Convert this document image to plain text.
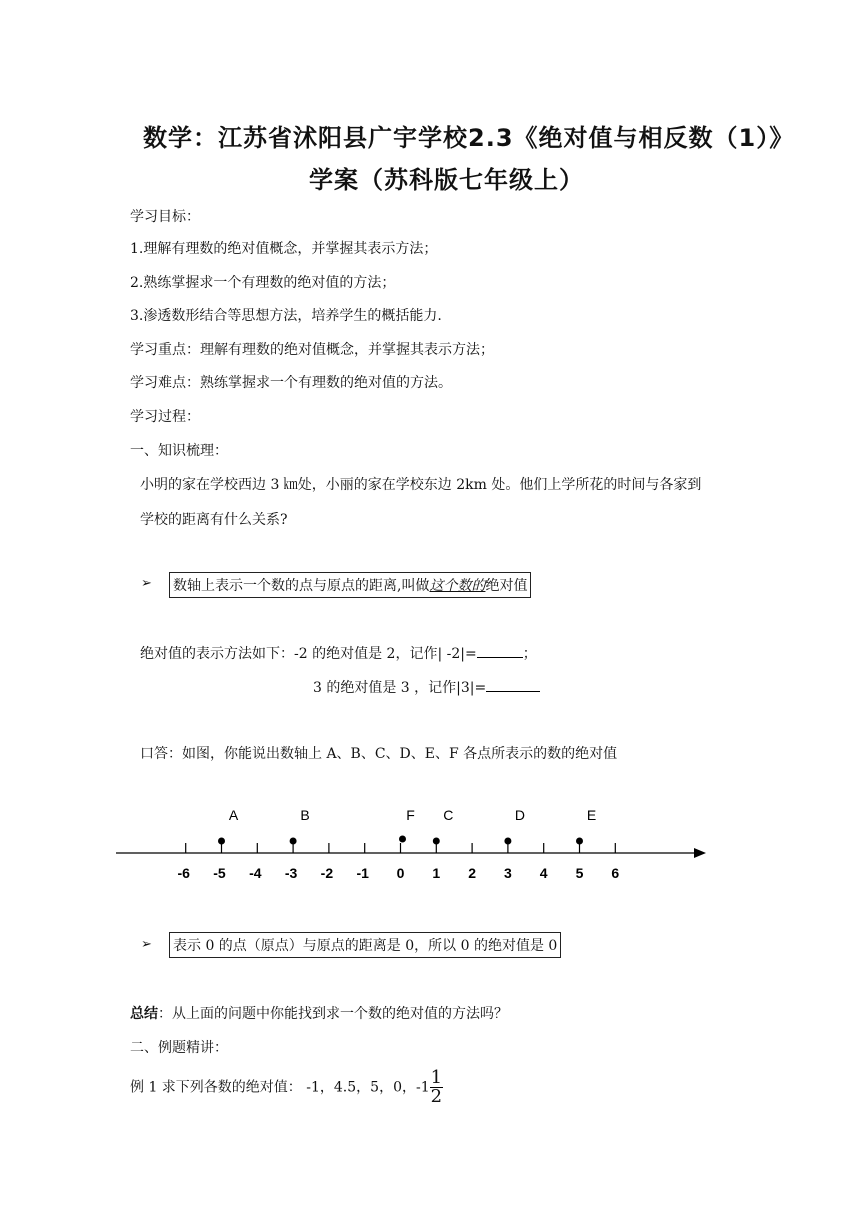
数学：江苏省沭阳县广宇学校2.3《绝对值与相反数（1）》
学案（苏科版七年级上）
学习目标：
1.理解有理数的绝对值概念，并掌握其表示方法；
2.熟练掌握求一个有理数的绝对值的方法；
3.渗透数形结合等思想方法，培养学生的概括能力.
学习重点：理解有理数的绝对值概念，并掌握其表示方法；
学习难点：熟练掌握求一个有理数的绝对值的方法。
学习过程：
一、知识梳理：
小明的家在学校西边 3 ㎞处，小丽的家在学校东边 2km 处。他们上学所花的时间与各家到
学校的距离有什么关系?
➢ 数轴上表示一个数的点与原点的距离,叫做这个数的绝对值
绝对值的表示方法如下：-2 的绝对值是 2，记作| -2|=	；
3 的绝对值是 3 ，记作|3|=
口答：如图，你能说出数轴上 A、B、C、D、E、F 各点所表示的数的绝对值
-6 -5 -4 -3 -2 -1 0 1 2 3 4 5 6
A	B	F C	D	E
➢ 表示 0 的点（原点）与原点的距离是 0，所以 0 的绝对值是 0
总结：从上面的问题中你能找到求一个数的绝对值的方法吗？
二、例题精讲：
例 1 求下列各数的绝对值： -1，4.5，5，0，$-1 \frac{1}{2}$
